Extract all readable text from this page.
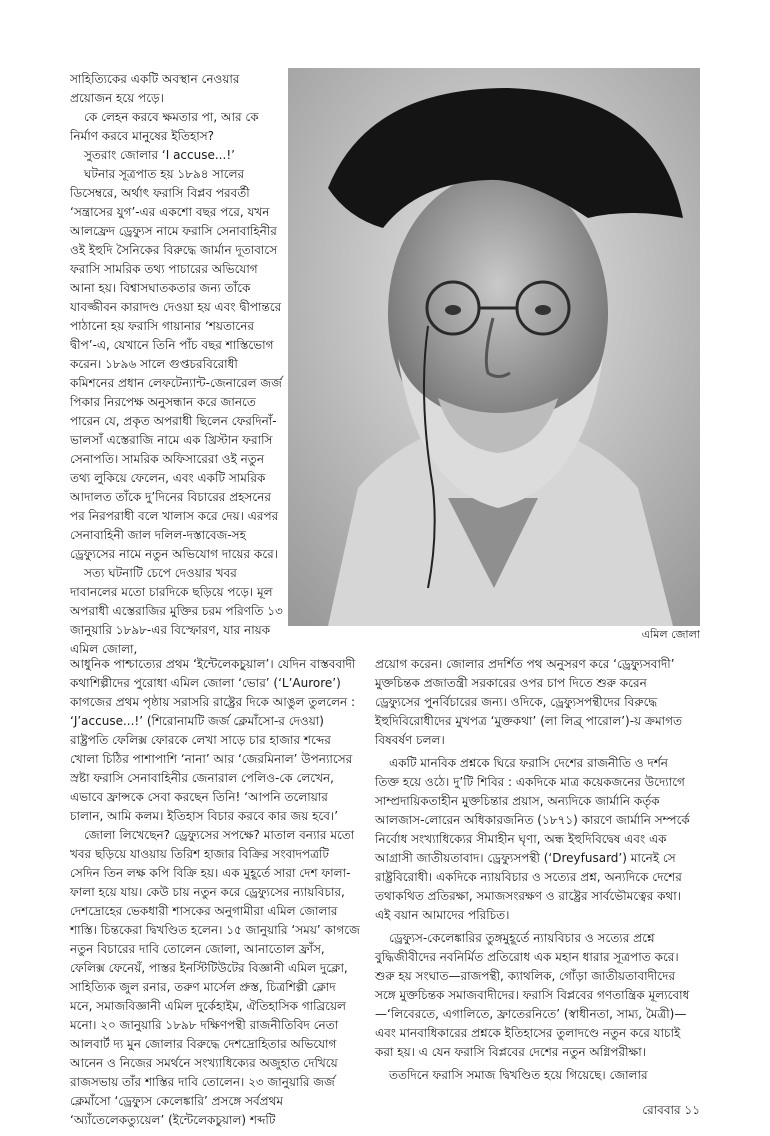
সাহিত্যিকের একটি অবস্থান নেওয়ার প্রয়োজন হয়ে পড়ে।

কে লেহন করবে ক্ষমতার পা, আর কে নির্মাণ করবে মানুষের ইতিহাস?

সুতরাং জোলার ‘I accuse...!’

ঘটনার সূত্রপাত হয় ১৮৯৪ সালের ডিসেম্বরে, অর্থাৎ ফরাসি বিপ্লব পরবর্তী ‘সন্ত্রাসের যুগ’-এর একশো বছর পরে, যখন আলফ্রেদ ড্রেফ্যুস নামে ফরাসি সেনাবাহিনীর ওই ইহুদি সৈনিকের বিরুদ্ধে জার্মান দূতাবাসে ফরাসি সামরিক তথ্য পাচারের অভিযোগ আনা হয়। বিশ্বাসঘাতকতার জন্য তাঁকে যাবজ্জীবন কারাদণ্ড দেওয়া হয় এবং দ্বীপান্তরে পাঠানো হয় ফরাসি গায়ানার ‘শয়তানের দ্বীপ’-এ, যেখানে তিনি পাঁচ বছর শাস্তিভোগ করেন। ১৮৯৬ সালে গুপ্তচরবিরোধী কমিশনের প্রধান লেফটেন্যান্ট-জেনারেল জর্জ পিকার নিরপেক্ষ অনুসন্ধান করে জানতে পারেন যে, প্রকৃত অপরাধী ছিলেন ফেরদিনাঁ-ভালসাঁ এস্তেরাজি নামে এক খ্রিস্টান ফরাসি সেনাপতি। সামরিক অফিসারেরা ওই নতুন তথ্য লুকিয়ে ফেলেন, এবং একটি সামরিক আদালত তাঁকে দু’দিনের বিচারের প্রহসনের পর নিরপরাধী বলে খালাস করে দেয়। এরপর সেনাবাহিনী জাল দলিল-দস্তাবেজ-সহ ড্রেফ্যুসের নামে নতুন অভিযোগ দায়ের করে।

সত্য ঘটনাটি চেপে দেওয়ার খবর দাবানলের মতো চারদিকে ছড়িয়ে পড়ে। মূল অপরাধী এস্তেরাজির মুক্তির চরম পরিণতি ১৩ জানুয়ারি ১৮৯৮-এর বিস্ফোরণ, যার নায়ক এমিল জোলা,

এমিল জোলা

আধুনিক পাশ্চাত্যের প্রথম ‘ইন্টেলেকচুয়াল’। যেদিন বাস্তববাদী কথাশিল্পীদের পুরোধা এমিল জোলা ‘ভোর’ (‘L’Aurore’) কাগজের প্রথম পৃষ্ঠায় সরাসরি রাষ্ট্রের দিকে আঙুল তুললেন : ‘J’accuse...!’ (শিরোনামটি জর্জ ক্লেমাঁসো-র দেওয়া) রাষ্ট্রপতি ফেলিক্স ফোরকে লেখা সাড়ে চার হাজার শব্দের খোলা চিঠির পাশাপাশি ‘নানা’ আর ‘জেরমিনাল’ উপন্যাসের স্রষ্টা ফরাসি সেনাবাহিনীর জেনারাল পেলিও-কে লেখেন, এভাবে ফ্রান্সকে সেবা করছেন তিনি! ‘আপনি তলোয়ার চালান, আমি কলম। ইতিহাস বিচার করবে কার জয় হবে।’

জোলা লিখেছেন? ড্রেফ্যুসের সপক্ষে? মাতাল বন্যার মতো খবর ছড়িয়ে যাওয়ায় তিরিশ হাজার বিক্রির সংবাদপত্রটি সেদিন তিন লক্ষ কপি বিক্রি হয়। এক মুহূর্তে সারা দেশ ফালা-ফালা হয়ে যায়। কেউ চায় নতুন করে ড্রেফ্যুসের ন্যায়বিচার, দেশদ্রোহের ভেকধারী শাসকের অনুগামীরা এমিল জোলার শাস্তি। চিন্তকেরা দ্বিখণ্ডিত হলেন। ১৫ জানুয়ারি ‘সময়’ কাগজে নতুন বিচারের দাবি তোলেন জোলা, আনাতোল ফ্রাঁস, ফেলিক্স ফেনেয়ঁ, পাস্তর ইনস্টিটিউটের বিজ্ঞানী এমিল দুক্লো, সাহিত্যিক জুল রনার, তরুণ মার্সেল প্রুস্ত, চিত্রশিল্পী ক্লোদ মনে, সমাজবিজ্ঞানী এমিল দুর্কেহাইম, ঐতিহাসিক গাব্রিয়েল মনো। ২০ জানুয়ারি ১৮৯৮ দক্ষিণপন্থী রাজনীতিবিদ নেতা আলবার্ট দ্য মুন জোলার বিরুদ্ধে দেশদ্রোহিতার অভিযোগ আনেন ও নিজের সমর্থনে সংখ্যাধিক্যের অজুহাত দেখিয়ে রাজসভায় তাঁর শাস্তির দাবি তোলেন। ২৩ জানুয়ারি জর্জ ক্লেমাঁসো ‘ড্রেফ্যুস কেলেঙ্কারি’ প্রসঙ্গে সর্বপ্রথম ‘অ্যাঁতেলেকত্যুয়েল’ (ইন্টেলেকচুয়াল) শব্দটি

প্রয়োগ করেন। জোলার প্রদর্শিত পথ অনুসরণ করে ‘ড্রেফ্যুসবাদী’ মুক্তচিন্তক প্রজাতন্ত্রী সরকারের ওপর চাপ দিতে শুরু করেন ড্রেফ্যুসের পুনর্বিচারের জন্য। ওদিকে, ড্রেফ্যুসপন্থীদের বিরুদ্ধে ইহুদিবিরোধীদের মুখপত্র ‘মুক্তকথা’ (লা লিব্র্‌ পারোল’)-য় ক্রমাগত বিষবর্ষণ চলল।

একটি মানবিক প্রশ্নকে ঘিরে ফরাসি দেশের রাজনীতি ও দর্শন তিক্ত হয়ে ওঠে। দু’টি শিবির : একদিকে মাত্র কয়েকজনের উদ্যোগে সাম্প্রদায়িকতাহীন মুক্তচিন্তার প্রয়াস, অন্যদিকে জার্মানি কর্তৃক আলজাস-লোরেন অধিকারজনিত (১৮৭১) কারণে জার্মানি সম্পর্কে নির্বোধ সংখ্যাধিক্যের সীমাহীন ঘৃণা, অন্ধ ইহুদিবিদ্বেষ এবং এক আগ্রাসী জাতীয়তাবাদ। ড্রেফ্যুসপন্থী (‘Dreyfusard’) মানেই সে রাষ্ট্রবিরোধী। একদিকে ন্যায়বিচার ও সত্যের প্রশ্ন, অন্যদিকে দেশের তথাকথিত প্রতিরক্ষা, সমাজসংরক্ষণ ও রাষ্ট্রের সার্বভৌমত্বের কথা। এই বয়ান আমাদের পরিচিত।

ড্রেফ্যুস-কেলেঙ্কারির তুঙ্গমুহূর্তে ন্যায়বিচার ও সত্যের প্রশ্নে বুদ্ধিজীবীদের নবনির্মিত প্রতিরোধ এক মহান ধারার সূত্রপাত করে। শুরু হয় সংঘাত—রাজপন্থী, ক্যাথলিক, গোঁড়া জাতীয়তাবাদীদের সঙ্গে মুক্তচিন্তক সমাজবাদীদের। ফরাসি বিপ্লবের গণতান্ত্রিক মূল্যবোধ—‘লিবেরতে, এগালিতে, ফ্রাতেরনিতে’ (স্বাধীনতা, সাম্য, মৈত্রী)—এবং মানবাধিকারের প্রশ্নকে ইতিহাসের তুলাদণ্ডে নতুন করে যাচাই করা হয়। এ যেন ফরাসি বিপ্লবের দেশের নতুন অগ্নিপরীক্ষা।

ততদিনে ফরাসি সমাজ দ্বিখণ্ডিত হয়ে গিয়েছে। জোলার

রোববার ১১
